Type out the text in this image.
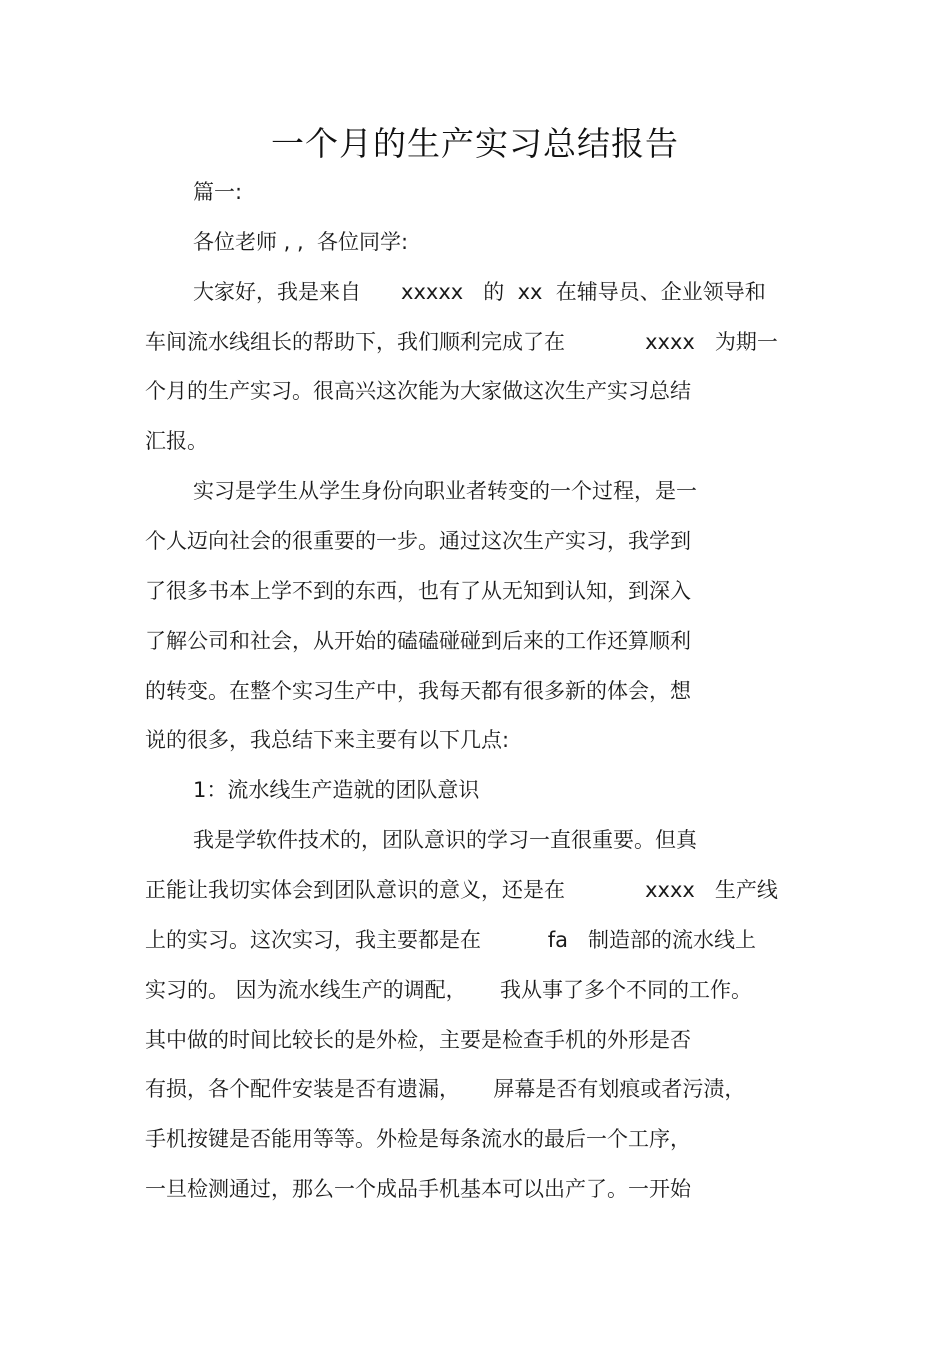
一个月的生产实习总结报告
篇一:
各位老师 , ,  各位同学:
大家好，我是来自      xxxxx   的  xx  在辅导员、企业领导和
车间流水线组长的帮助下，我们顺利完成了在            xxxx   为期一
个月的生产实习。很高兴这次能为大家做这次生产实习总结
汇报。
实习是学生从学生身份向职业者转变的一个过程，是一
个人迈向社会的很重要的一步。通过这次生产实习，我学到
了很多书本上学不到的东西，也有了从无知到认知，到深入
了解公司和社会，从开始的磕磕碰碰到后来的工作还算顺利
的转变。在整个实习生产中，我每天都有很多新的体会，想
说的很多，我总结下来主要有以下几点:
1：流水线生产造就的团队意识
我是学软件技术的，团队意识的学习一直很重要。但真
正能让我切实体会到团队意识的意义，还是在            xxxx   生产线
上的实习。这次实习，我主要都是在          fa   制造部的流水线上
实习的。 因为流水线生产的调配，     我从事了多个不同的工作。
其中做的时间比较长的是外检，主要是检查手机的外形是否
有损，各个配件安装是否有遗漏，     屏幕是否有划痕或者污渍，
手机按键是否能用等等。外检是每条流水的最后一个工序，
一旦检测通过，那么一个成品手机基本可以出产了。一开始
